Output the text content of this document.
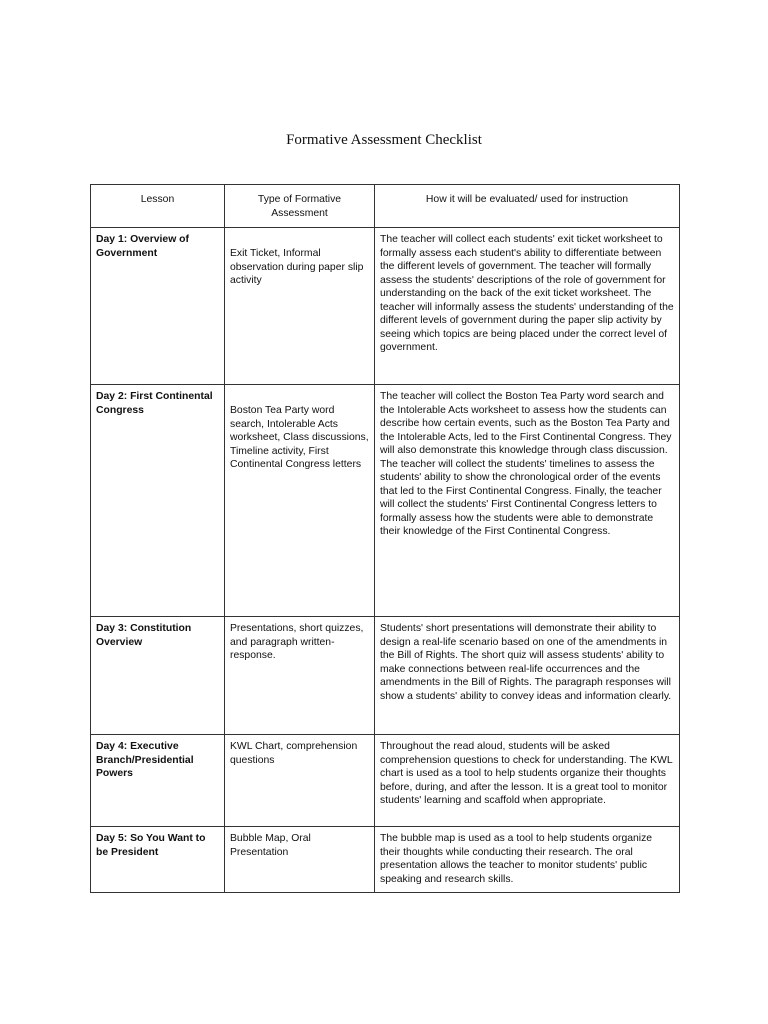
Formative Assessment Checklist
Lesson	Type of Formative Assessment	How it will be evaluated/ used for instruction

Day 1: Overview of Government	Exit Ticket, Informal observation during paper slip activity	The teacher will collect each students' exit ticket worksheet to formally assess each student's ability to differentiate between the different levels of government. The teacher will formally assess the students' descriptions of the role of government for understanding on the back of the exit ticket worksheet. The teacher will informally assess the students' understanding of the different levels of government during the paper slip activity by seeing which topics are being placed under the correct level of government.

Day 2: First Continental Congress	Boston Tea Party word search, Intolerable Acts worksheet, Class discussions, Timeline activity, First Continental Congress letters	The teacher will collect the Boston Tea Party word search and the Intolerable Acts worksheet to assess how the students can describe how certain events, such as the Boston Tea Party and the Intolerable Acts, led to the First Continental Congress. They will also demonstrate this knowledge through class discussion. The teacher will collect the students' timelines to assess the students' ability to show the chronological order of the events that led to the First Continental Congress. Finally, the teacher will collect the students' First Continental Congress letters to formally assess how the students were able to demonstrate their knowledge of the First Continental Congress.

Day 3: Constitution Overview	Presentations, short quizzes, and paragraph written-response.	Students' short presentations will demonstrate their ability to design a real-life scenario based on one of the amendments in the Bill of Rights. The short quiz will assess students' ability to make connections between real-life occurrences and the amendments in the Bill of Rights. The paragraph responses will show a students' ability to convey ideas and information clearly.

Day 4: Executive Branch/Presidential Powers	KWL Chart, comprehension questions	Throughout the read aloud, students will be asked comprehension questions to check for understanding. The KWL chart is used as a tool to help students organize their thoughts before, during, and after the lesson. It is a great tool to monitor students' learning and scaffold when appropriate.

Day 5: So You Want to be President	Bubble Map, Oral Presentation	The bubble map is used as a tool to help students organize their thoughts while conducting their research. The oral presentation allows the teacher to monitor students' public speaking and research skills.
